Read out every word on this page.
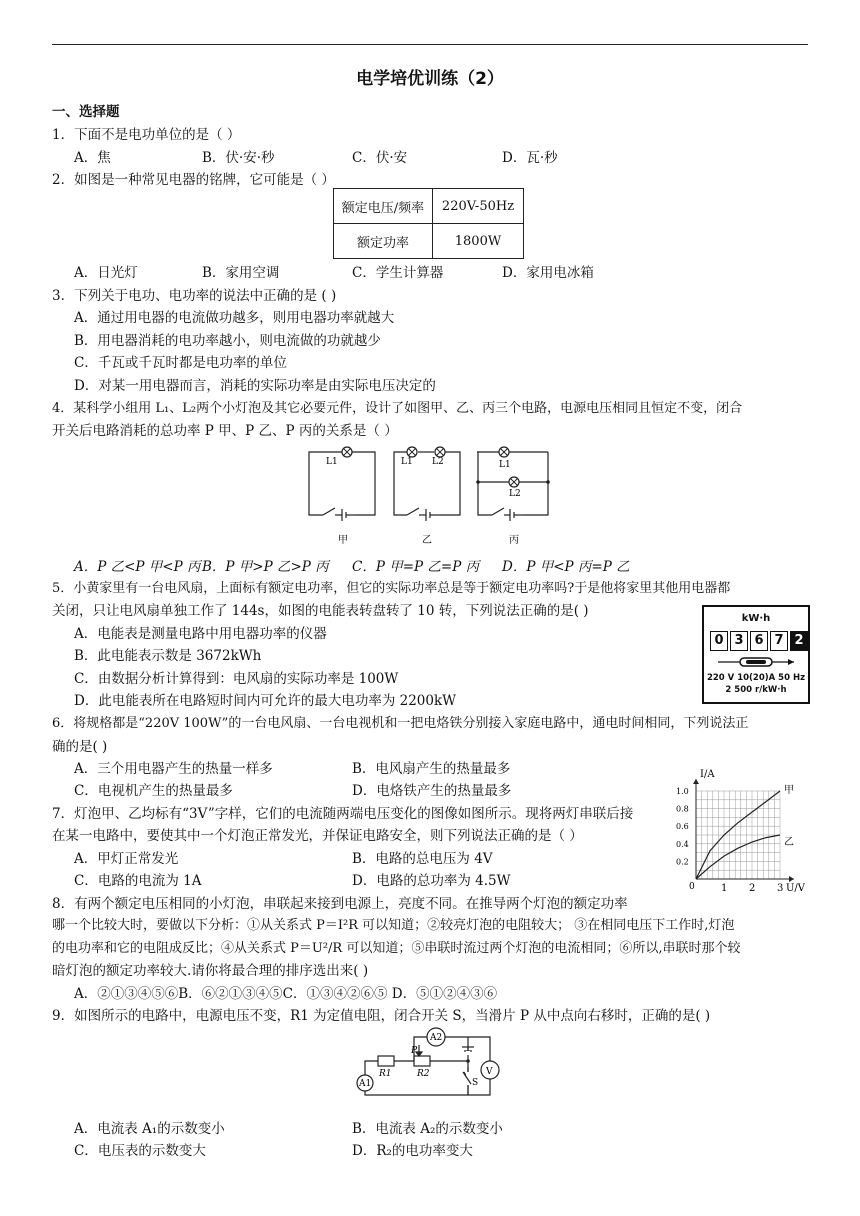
电学培优训练（2）
一、选择题
1．下面不是电功单位的是（ ）
A．焦	B．伏·安·秒	C．伏·安	D．瓦·秒
2．如图是一种常见电器的铭牌，它可能是（ ）
额定电压/频率	220V-50Hz
额定功率	1800W
A．日光灯	B．家用空调	C．学生计算器	D．家用电冰箱
3．下列关于电功、电功率的说法中正确的是 ( )
A．通过用电器的电流做功越多，则用电器功率就越大
B．用电器消耗的电功率越小，则电流做的功就越少
C．千瓦或千瓦时都是电功率的单位
D．对某一用电器而言，消耗的实际功率是由实际电压决定的
4．某科学小组用 L₁、L₂两个小灯泡及其它必要元件，设计了如图甲、乙、丙三个电路，电源电压相同且恒定不变，闭合
开关后电路消耗的总功率 P 甲、P 乙、P 丙的关系是（ ）
L1	L1 L2	L1
L2
甲	乙	丙
A．P 乙<P 甲<P 丙 B．P 甲>P 乙>P 丙 C．P 甲=P 乙=P 丙 D．P 甲<P 丙=P 乙
5．小黄家里有一台电风扇，上面标有额定电功率，但它的实际功率总是等于额定电功率吗?于是他将家里其他用电器都
关闭，只让电风扇单独工作了 144s，如图的电能表转盘转了 10 转，下列说法正确的是( )
A．电能表是测量电路中用电器功率的仪器
B．此电能表示数是 3672kWh
C．由数据分析计算得到：电风扇的实际功率是 100W
D．此电能表所在电路短时间内可允许的最大电功率为 2200kW
kW·h
0 3 6 7 2
220 V 10(20)A 50 Hz
2 500 r/kW·h
6．将规格都是“220V 100W”的一台电风扇、一台电视机和一把电烙铁分别接入家庭电路中，通电时间相同，下列说法正
确的是( )
A．三个用电器产生的热量一样多	B．电风扇产生的热量最多
C．电视机产生的热量最多	D．电烙铁产生的热量最多
7．灯泡甲、乙均标有“3V”字样，它们的电流随两端电压变化的图像如图所示。现将两灯串联后接
在某一电路中，要使其中一个灯泡正常发光，并保证电路安全，则下列说法正确的是（ ）
A．甲灯正常发光	B．电路的总电压为 4V
C．电路的电流为 1A	D．电路的总功率为 4.5W	1 2 3
0.2
0.4
0.6
0.8
1.0
0
I/A
U/V
甲
乙
8．有两个额定电压相同的小灯泡，串联起来接到电源上，亮度不同。在推导两个灯泡的额定功率
哪一个比较大时，要做以下分析：①从关系式 P＝I²R 可以知道；②较亮灯泡的电阻较大； ③在相同电压下工作时,灯泡
的电功率和它的电阻成反比；④从关系式 P＝U²/R 可以知道；⑤串联时流过两个灯泡的电流相同；⑥所以,串联时那个较
暗灯泡的额定功率较大.请你将最合理的排序选出来( )
A．②①③④⑤⑥B．⑥②①③④⑤C．①③④②⑥⑤ D．⑤①②④③⑥
9．如图所示的电路中，电源电压不变，R1 为定值电阻，闭合开关 S，当滑片 P 从中点向右移时，正确的是( )
A2
A1
V
R1	R2
P
S
A．电流表 A₁的示数变小	B．电流表 A₂的示数变小
C．电压表的示数变大	D．R₂的电功率变大
